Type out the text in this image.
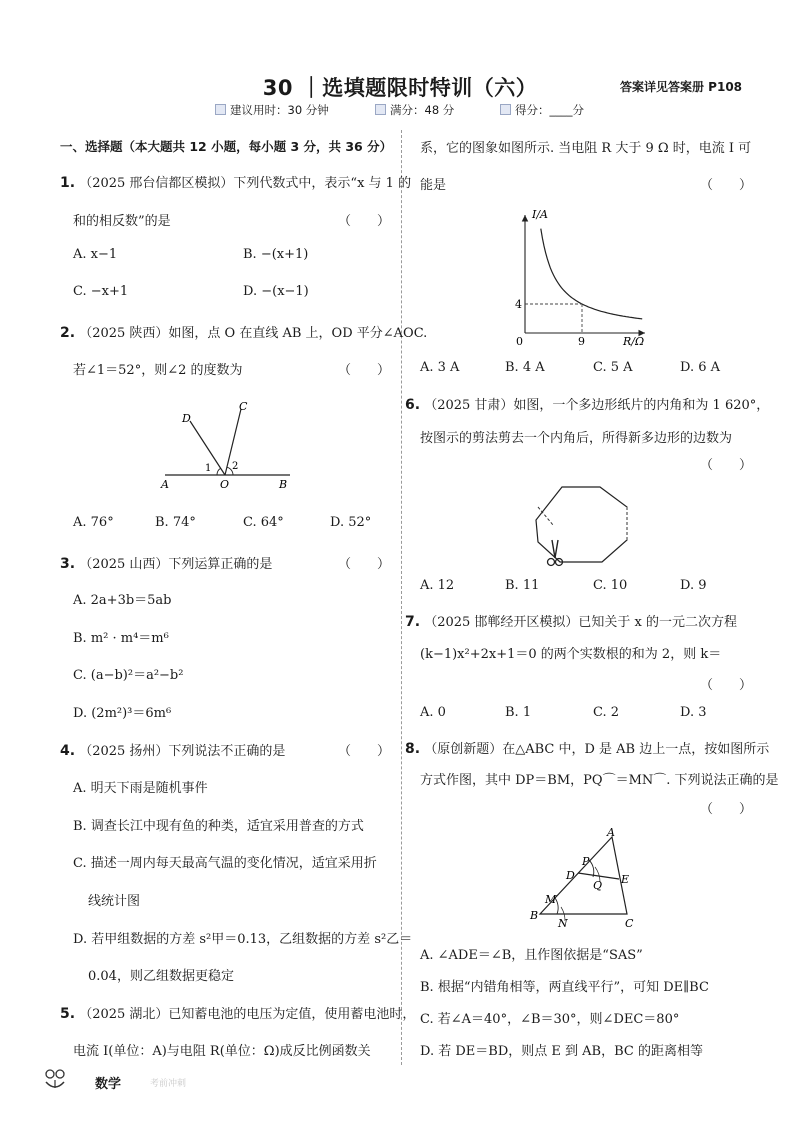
30 ｜选填题限时特训（六）	答案详见答案册 P108
建议用时：30 分钟	满分：48 分	得分：____分
一、选择题（本大题共 12 小题，每小题 3 分，共 36 分）
1. （2025 邢台信都区模拟）下列代数式中，表示“x 与 1 的
和的相反数”的是	（　　）
A. x−1	B. −(x+1)
C. −x+1	D. −(x−1)
2. （2025 陕西）如图，点 O 在直线 AB 上，OD 平分∠AOC.
若∠1＝52°，则∠2 的度数为	（　　）
D
C
1 2
A	O	B
A. 76°	B. 74°	C. 64°	D. 52°
3. （2025 山西）下列运算正确的是	（　　）
A. 2a+3b＝5ab
B. m² · m⁴＝m⁶
C. (a−b)²＝a²−b²
D. (2m²)³＝6m⁶
4. （2025 扬州）下列说法不正确的是	（　　）
A. 明天下雨是随机事件
B. 调查长江中现有鱼的种类，适宜采用普查的方式
C. 描述一周内每天最高气温的变化情况，适宜采用折
线统计图
D. 若甲组数据的方差 s²甲＝0.13，乙组数据的方差 s²乙＝
0.04，则乙组数据更稳定
5. （2025 湖北）已知蓄电池的电压为定值，使用蓄电池时，
电流 I(单位：A)与电阻 R(单位：Ω)成反比例函数关
系，它的图象如图所示. 当电阻 R 大于 9 Ω 时，电流 I 可
能是	（　　）
I/A
R/Ω
0
4
9
A. 3 A	B. 4 A	C. 5 A	D. 6 A
6. （2025 甘肃）如图，一个多边形纸片的内角和为 1 620°，
按图示的剪法剪去一个内角后，所得新多边形的边数为
（　　）
A. 12	B. 11	C. 10	D. 9
7. （2025 邯郸经开区模拟）已知关于 x 的一元二次方程
(k−1)x²+2x+1＝0 的两个实数根的和为 2，则 k＝
（　　）
A. 0	B. 1	C. 2	D. 3
8. （原创新题）在△ABC 中，D 是 AB 边上一点，按如图所示
方式作图，其中 DP＝BM，PQ⌒＝MN⌒. 下列说法正确的是
（　　）
A
P
D
Q E
M
B
N	C
A. ∠ADE＝∠B，且作图依据是“SAS”
B. 根据“内错角相等，两直线平行”，可知 DE∥BC
C. 若∠A＝40°，∠B＝30°，则∠DEC＝80°
D. 若 DE＝BD，则点 E 到 AB，BC 的距离相等
数学	考前冲刺
